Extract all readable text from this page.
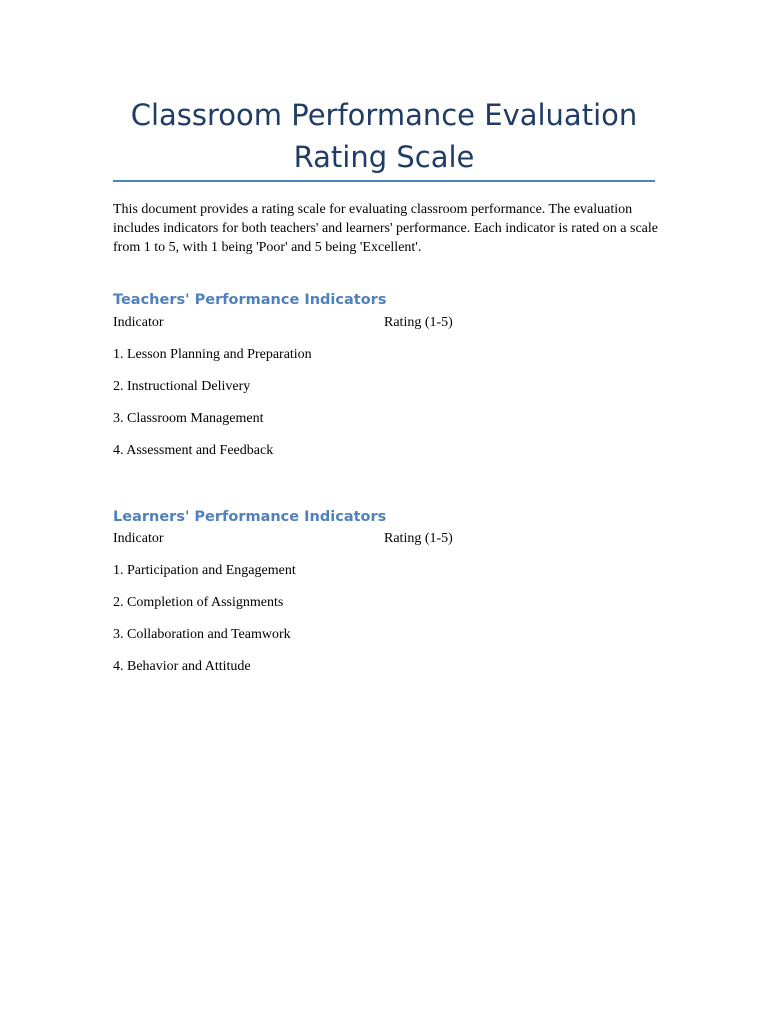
Classroom Performance Evaluation
Rating Scale

This document provides a rating scale for evaluating classroom performance. The evaluation includes indicators for both teachers' and learners' performance. Each indicator is rated on a scale from 1 to 5, with 1 being 'Poor' and 5 being 'Excellent'.

Teachers' Performance Indicators
Indicator	Rating (1-5)
1. Lesson Planning and Preparation
2. Instructional Delivery
3. Classroom Management
4. Assessment and Feedback
Learners' Performance Indicators
Indicator	Rating (1-5)
1. Participation and Engagement
2. Completion of Assignments
3. Collaboration and Teamwork
4. Behavior and Attitude
